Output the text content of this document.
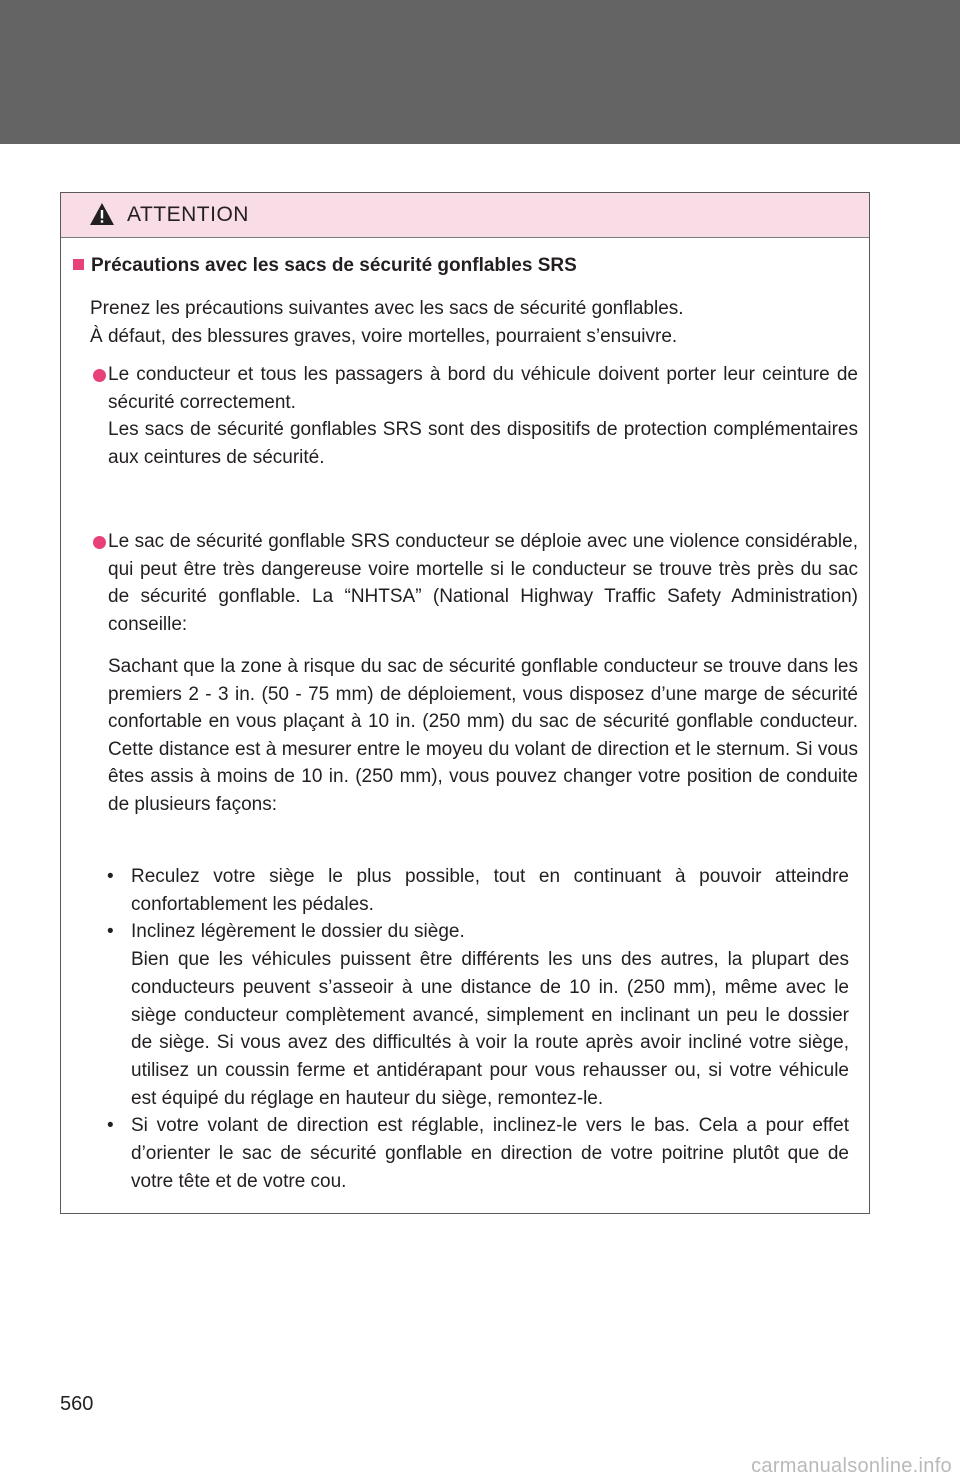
ATTENTION
Précautions avec les sacs de sécurité gonflables SRS
Prenez les précautions suivantes avec les sacs de sécurité gonflables.
À défaut, des blessures graves, voire mortelles, pourraient s’ensuivre.
Le conducteur et tous les passagers à bord du véhicule doivent porter leur ceinture de sécurité correctement.
Les sacs de sécurité gonflables SRS sont des dispositifs de protection complémentaires aux ceintures de sécurité.
Le sac de sécurité gonflable SRS conducteur se déploie avec une violence considérable, qui peut être très dangereuse voire mortelle si le conducteur se trouve très près du sac de sécurité gonflable. La “NHTSA” (National Highway Traffic Safety Administration) conseille:
Sachant que la zone à risque du sac de sécurité gonflable conducteur se trouve dans les premiers 2 - 3 in. (50 - 75 mm) de déploiement, vous disposez d’une marge de sécurité confortable en vous plaçant à 10 in. (250 mm) du sac de sécurité gonflable conducteur. Cette distance est à mesurer entre le moyeu du volant de direction et le sternum. Si vous êtes assis à moins de 10 in. (250 mm), vous pouvez changer votre position de conduite de plusieurs façons:
• Reculez votre siège le plus possible, tout en continuant à pouvoir atteindre confortablement les pédales.
• Inclinez légèrement le dossier du siège.
Bien que les véhicules puissent être différents les uns des autres, la plupart des conducteurs peuvent s’asseoir à une distance de 10 in. (250 mm), même avec le siège conducteur complètement avancé, simplement en inclinant un peu le dossier de siège. Si vous avez des difficultés à voir la route après avoir incliné votre siège, utilisez un coussin ferme et antidérapant pour vous rehausser ou, si votre véhicule est équipé du réglage en hauteur du siège, remontez-le.
• Si votre volant de direction est réglable, inclinez-le vers le bas. Cela a pour effet d’orienter le sac de sécurité gonflable en direction de votre poitrine plutôt que de votre tête et de votre cou.
560
carmanualsonline.info
